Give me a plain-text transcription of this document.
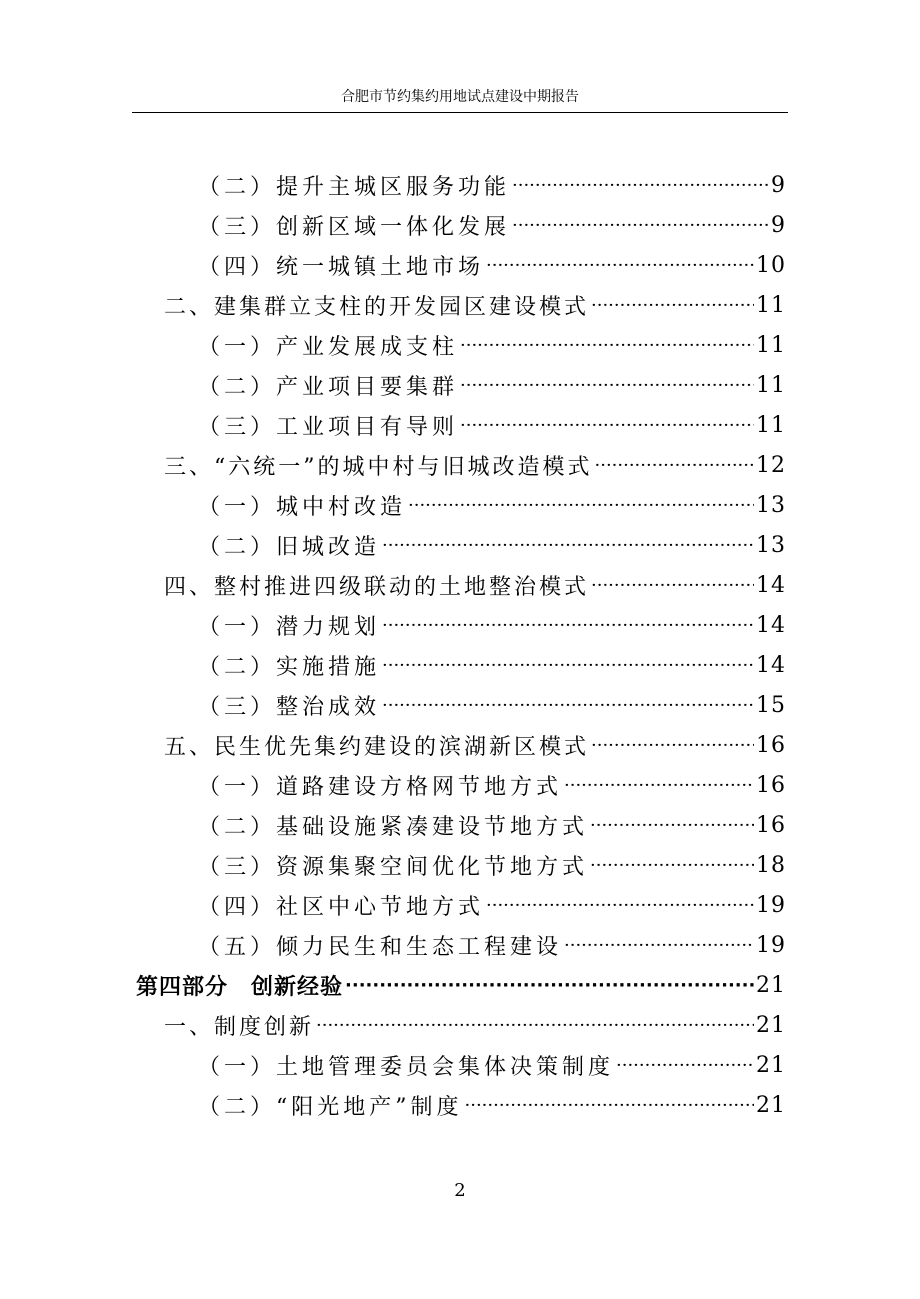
合肥市节约集约用地试点建设中期报告
（二）提升主城区服务功能 ·····	9
（三）创新区域一体化发展 ·····	9
（四）统一城镇土地市场 ·····	10
二、建集群立支柱的开发园区建设模式 ·····	11
（一）产业发展成支柱 ·····	11
（二）产业项目要集群 ·····	11
（三）工业项目有导则 ·····	11
三、“六统一”的城中村与旧城改造模式 ·····	12
（一）城中村改造 ·····	13
（二）旧城改造 ·····	13
四、整村推进四级联动的土地整治模式 ·····	14
（一）潜力规划 ·····	14
（二）实施措施 ·····	14
（三）整治成效 ·····	15
五、民生优先集约建设的滨湖新区模式 ·····	16
（一）道路建设方格网节地方式 ·····	16
（二）基础设施紧凑建设节地方式 ·····	16
（三）资源集聚空间优化节地方式 ·····	18
（四）社区中心节地方式 ·····	19
（五）倾力民生和生态工程建设 ·····	19
第四部分　创新经验 ·····	21
一、制度创新 ·····	21
（一）土地管理委员会集体决策制度 ·····	21
（二）“阳光地产”制度 ·····	21
2
